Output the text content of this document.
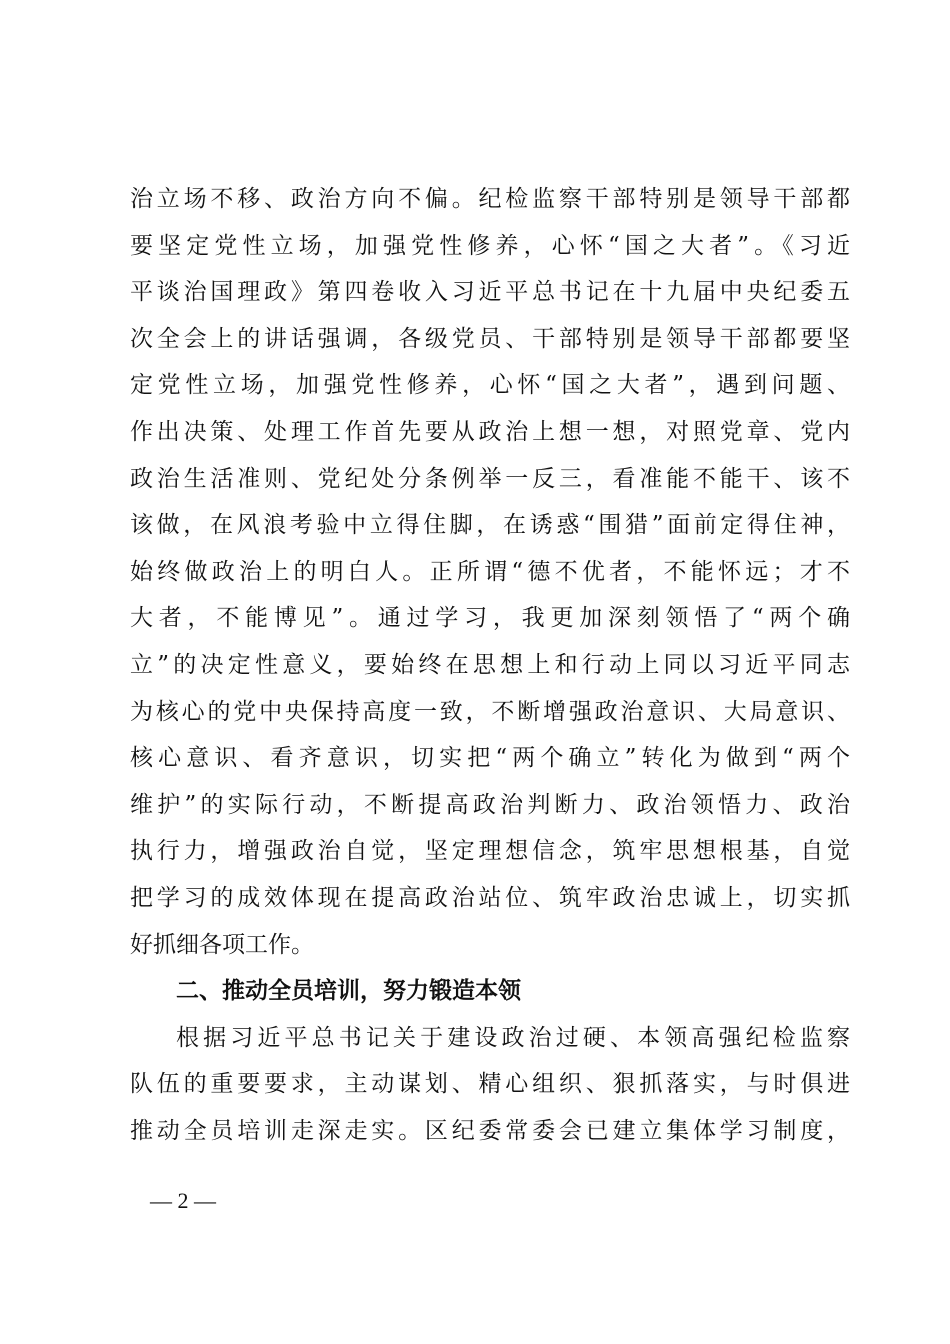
治立场不移、政治方向不偏。纪检监察干部特别是领导干部都
要坚定党性立场，加强党性修养，心怀“国之大者”。《习近
平谈治国理政》第四卷收入习近平总书记在十九届中央纪委五
次全会上的讲话强调，各级党员、干部特别是领导干部都要坚
定党性立场，加强党性修养，心怀“国之大者”，遇到问题、
作出决策、处理工作首先要从政治上想一想，对照党章、党内
政治生活准则、党纪处分条例举一反三，看准能不能干、该不
该做，在风浪考验中立得住脚，在诱惑“围猎”面前定得住神，
始终做政治上的明白人。正所谓“德不优者，不能怀远；才不
大者，不能博见”。通过学习，我更加深刻领悟了“两个确
立”的决定性意义，要始终在思想上和行动上同以习近平同志
为核心的党中央保持高度一致，不断增强政治意识、大局意识、
核心意识、看齐意识，切实把“两个确立”转化为做到“两个
维护”的实际行动，不断提高政治判断力、政治领悟力、政治
执行力，增强政治自觉，坚定理想信念，筑牢思想根基，自觉
把学习的成效体现在提高政治站位、筑牢政治忠诚上，切实抓
好抓细各项工作。
二、推动全员培训，努力锻造本领
根据习近平总书记关于建设政治过硬、本领高强纪检监察
队伍的重要要求，主动谋划、精心组织、狠抓落实，与时俱进
推动全员培训走深走实。区纪委常委会已建立集体学习制度，
— 2 —
